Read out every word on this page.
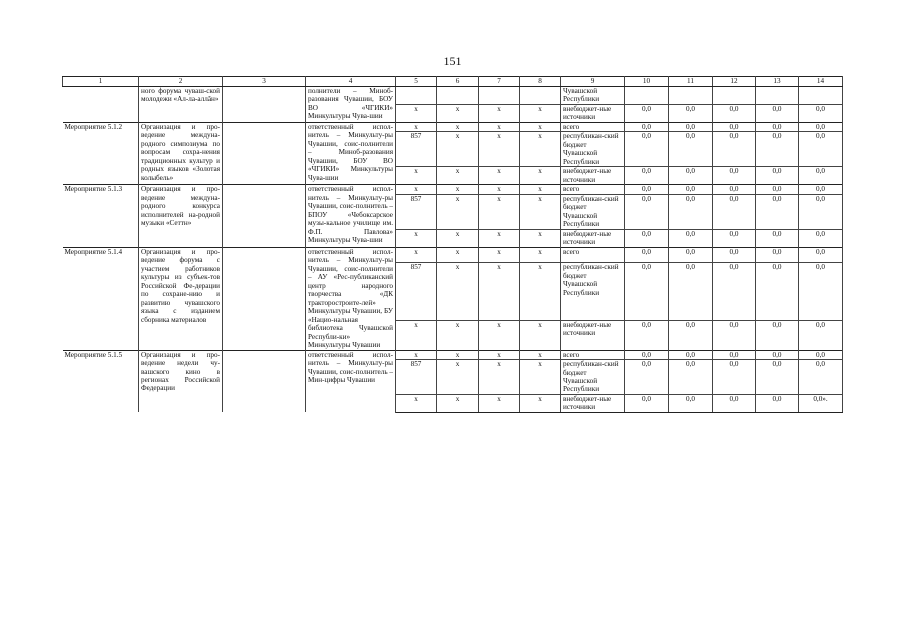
151
1	2	3	4	5	6	7	8	9	10	11	12	13	14
	ного форума чуваш-ской молодежи «Ал-ла-аллăн»		полнители – Миноб-разования Чувашии, БОУ ВО «ЧГИКИ» Минкультуры Чува-шии					Чувашской Республики					
				x	x	x	x	внебюджет-ные источники	0,0	0,0	0,0	0,0	0,0
Мероприятие 5.1.2	Организация и про-ведение междуна-родного симпозиума по вопросам сохра-нения традиционных культур и родных языков «Золотая колыбель»		ответственный испол-нитель – Минкульту-ры Чувашии, соис-полнители – Миноб-разования Чувашии, БОУ ВО «ЧГИКИ» Минкультуры Чува-шии	x	x	x	x	всего	0,0	0,0	0,0	0,0	0,0
				857	x	x	x	республикан-ский бюджет Чувашской Республики	0,0	0,0	0,0	0,0	0,0
				x	x	x	x	внебюджет-ные источники	0,0	0,0	0,0	0,0	0,0
Мероприятие 5.1.3	Организация и про-ведение междуна-родного конкурса исполнителей на-родной музыки «Сеттн»		ответственный испол-нитель – Минкульту-ры Чувашии, соис-полнитель – БПОУ «Чебоксарское музы-кальное училище им. Ф.П. Павлова» Минкультуры Чува-шии	x	x	x	x	всего	0,0	0,0	0,0	0,0	0,0
				857	x	x	x	республикан-ский бюджет Чувашской Республики	0,0	0,0	0,0	0,0	0,0
				x	x	x	x	внебюджет-ные источники	0,0	0,0	0,0	0,0	0,0
Мероприятие 5.1.4	Организация и про-ведение форума с участием работников культуры из субъек-тов Российской Фе-дерации по сохране-нию и развитию чувашского языка с изданием сборника материалов		ответственный испол-нитель – Минкульту-ры Чувашии, соис-полнители – АУ «Рес-публиканский центр народного творчества «ДК тракторострoите-лей» Минкультуры Чувашии, БУ «Нацио-нальная библиотека Чувашской Республи-ки» Минкультуры Чувашии	x	x	x	x	всего	0,0	0,0	0,0	0,0	0,0
				857	x	x	x	республикан-ский бюджет Чувашской Республики	0,0	0,0	0,0	0,0	0,0
				x	x	x	x	внебюджет-ные источники	0,0	0,0	0,0	0,0	0,0
Мероприятие 5.1.5	Организация и про-ведение недели чу-вашского кино в регионах Российской Федерации		ответственный испол-нитель – Минкульту-ры Чувашии, соис-полнитель – Мин-цифры Чувашии	x	x	x	x	всего	0,0	0,0	0,0	0,0	0,0
				857	x	x	x	республикан-ский бюджет Чувашской Республики	0,0	0,0	0,0	0,0	0,0
				x	x	x	x	внебюджет-ные источники	0,0	0,0	0,0	0,0	0,0».
